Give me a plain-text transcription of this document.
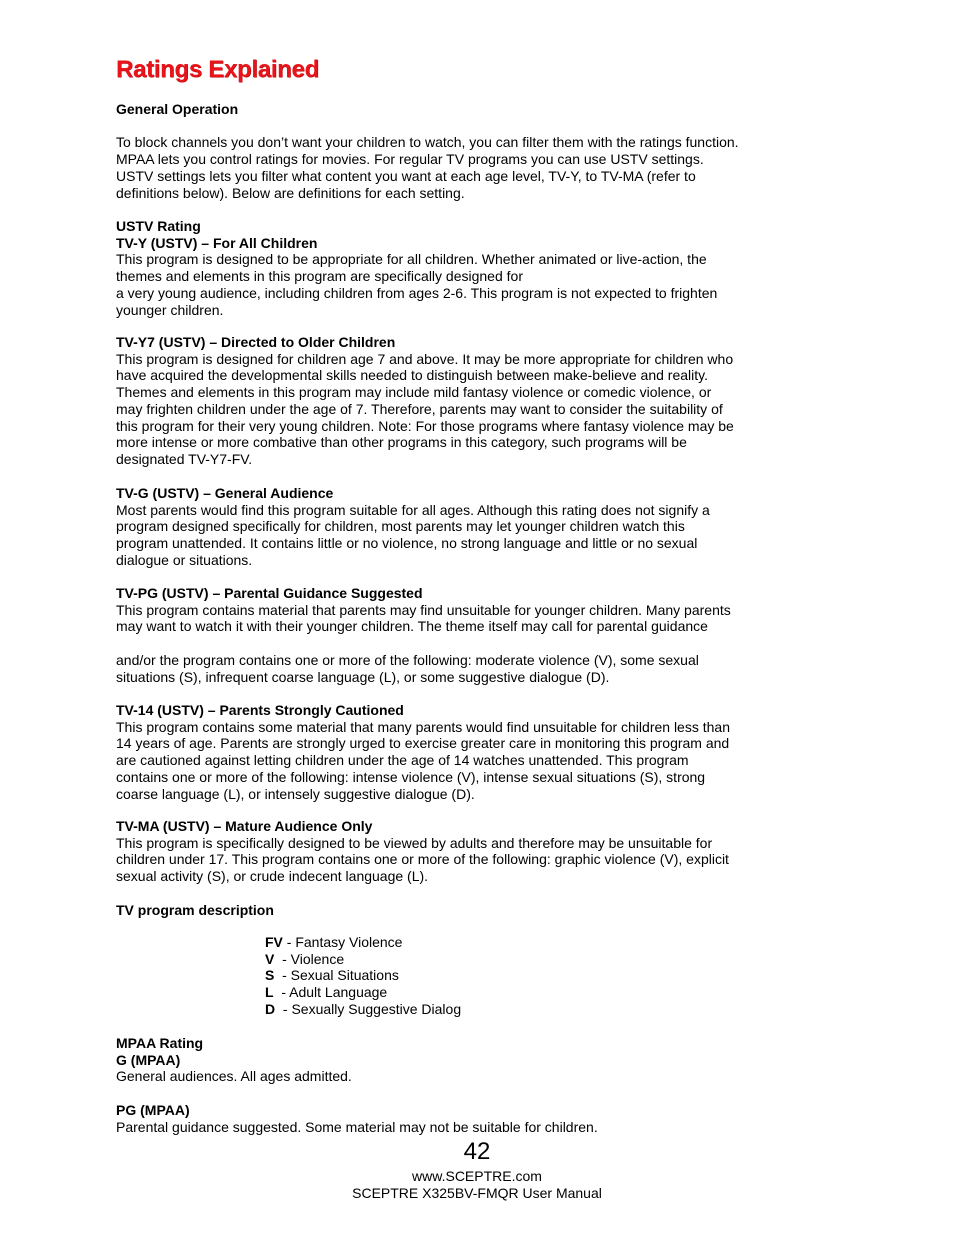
Ratings Explained

General Operation

To block channels you don’t want your children to watch, you can filter them with the ratings function.

MPAA lets you control ratings for movies. For regular TV programs you can use USTV settings.

USTV settings lets you filter what content you want at each age level, TV-Y, to TV-MA (refer to

definitions below). Below are definitions for each setting.

USTV Rating

TV-Y (USTV) – For All Children

This program is designed to be appropriate for all children. Whether animated or live-action, the

themes and elements in this program are specifically designed for

a very young audience, including children from ages 2-6. This program is not expected to frighten

younger children.

TV-Y7 (USTV) – Directed to Older Children

This program is designed for children age 7 and above. It may be more appropriate for children who

have acquired the developmental skills needed to distinguish between make-believe and reality.

Themes and elements in this program may include mild fantasy violence or comedic violence, or

may frighten children under the age of 7. Therefore, parents may want to consider the suitability of

this program for their very young children. Note: For those programs where fantasy violence may be

more intense or more combative than other programs in this category, such programs will be

designated TV-Y7-FV.

TV-G (USTV) – General Audience

Most parents would find this program suitable for all ages. Although this rating does not signify a

program designed specifically for children, most parents may let younger children watch this

program unattended. It contains little or no violence, no strong language and little or no sexual

dialogue or situations.

TV-PG (USTV) – Parental Guidance Suggested

This program contains material that parents may find unsuitable for younger children. Many parents

may want to watch it with their younger children. The theme itself may call for parental guidance

and/or the program contains one or more of the following: moderate violence (V), some sexual

situations (S), infrequent coarse language (L), or some suggestive dialogue (D).

TV-14 (USTV) – Parents Strongly Cautioned

This program contains some material that many parents would find unsuitable for children less than

14 years of age. Parents are strongly urged to exercise greater care in monitoring this program and

are cautioned against letting children under the age of 14 watches unattended. This program

contains one or more of the following: intense violence (V), intense sexual situations (S), strong

coarse language (L), or intensely suggestive dialogue (D).

TV-MA (USTV) – Mature Audience Only

This program is specifically designed to be viewed by adults and therefore may be unsuitable for

children under 17. This program contains one or more of the following: graphic violence (V), explicit

sexual activity (S), or crude indecent language (L).

TV program description

FV - Fantasy Violence
V  - Violence
S  - Sexual Situations
L  - Adult Language
D  - Sexually Suggestive Dialog

MPAA Rating

G (MPAA)

General audiences. All ages admitted.

PG (MPAA)

Parental guidance suggested. Some material may not be suitable for children.

42
www.SCEPTRE.com
SCEPTRE X325BV-FMQR User Manual
